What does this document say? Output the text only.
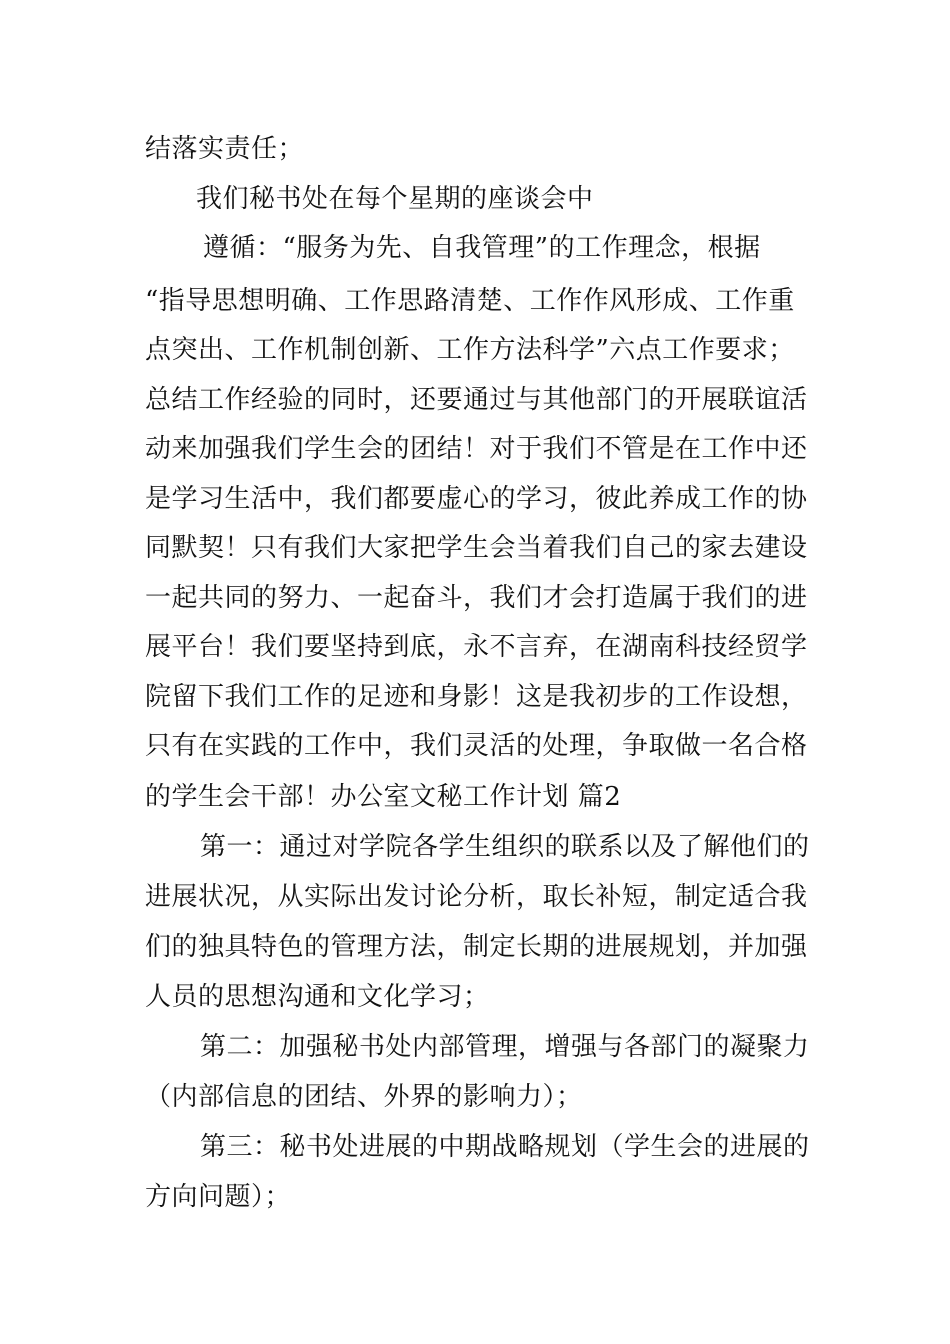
结落实责任；
我们秘书处在每个星期的座谈会中
遵循：“服务为先、自我管理”的工作理念，根据
“指导思想明确、工作思路清楚、工作作风形成、工作重
点突出、工作机制创新、工作方法科学”六点工作要求；
总结工作经验的同时，还要通过与其他部门的开展联谊活
动来加强我们学生会的团结！对于我们不管是在工作中还
是学习生活中，我们都要虚心的学习，彼此养成工作的协
同默契！只有我们大家把学生会当着我们自己的家去建设
一起共同的努力、一起奋斗，我们才会打造属于我们的进
展平台！我们要坚持到底，永不言弃，在湖南科技经贸学
院留下我们工作的足迹和身影！这是我初步的工作设想，
只有在实践的工作中，我们灵活的处理，争取做一名合格
的学生会干部！办公室文秘工作计划 篇2
第一：通过对学院各学生组织的联系以及了解他们的
进展状况，从实际出发讨论分析，取长补短，制定适合我
们的独具特色的管理方法，制定长期的进展规划，并加强
人员的思想沟通和文化学习；
第二：加强秘书处内部管理，增强与各部门的凝聚力
（内部信息的团结、外界的影响力）；
第三：秘书处进展的中期战略规划（学生会的进展的
方向问题）；
